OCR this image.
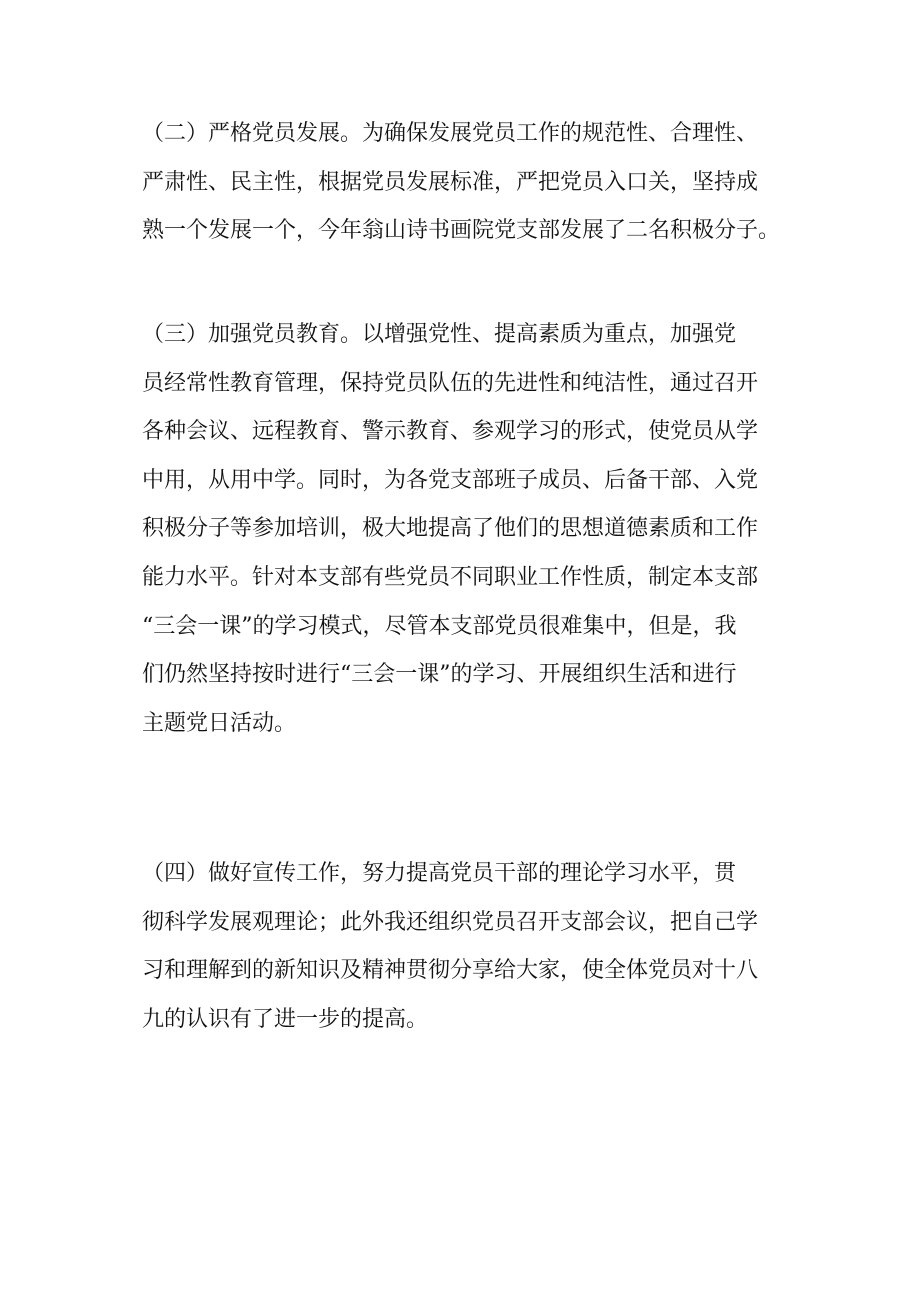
（二）严格党员发展。为确保发展党员工作的规范性、合理性、
严肃性、民主性，根据党员发展标准，严把党员入口关，坚持成
熟一个发展一个，今年翁山诗书画院党支部发展了二名积极分子。
（三）加强党员教育。以增强党性、提高素质为重点，加强党
员经常性教育管理，保持党员队伍的先进性和纯洁性，通过召开
各种会议、远程教育、警示教育、参观学习的形式，使党员从学
中用，从用中学。同时，为各党支部班子成员、后备干部、入党
积极分子等参加培训，极大地提高了他们的思想道德素质和工作
能力水平。针对本支部有些党员不同职业工作性质，制定本支部
“三会一课”的学习模式，尽管本支部党员很难集中，但是，我
们仍然坚持按时进行“三会一课”的学习、开展组织生活和进行
主题党日活动。
（四）做好宣传工作，努力提高党员干部的理论学习水平，贯
彻科学发展观理论；此外我还组织党员召开支部会议，把自己学
习和理解到的新知识及精神贯彻分享给大家，使全体党员对十八
九的认识有了进一步的提高。
